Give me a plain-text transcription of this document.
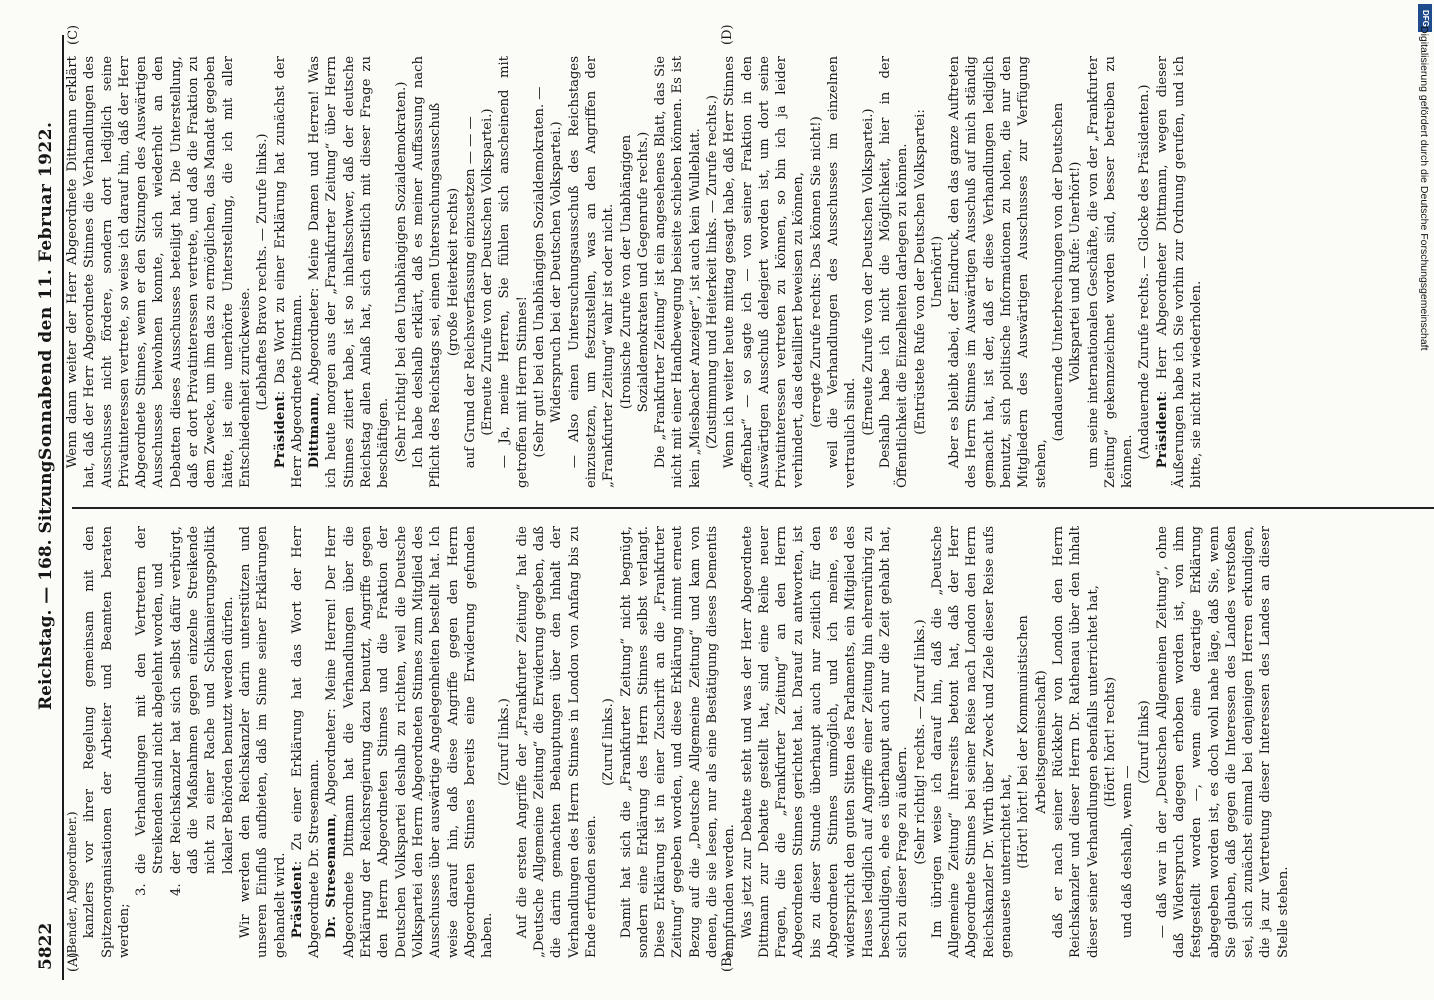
5822
Reichstag. — 168. Sitzung.
Sonnabend den 11. Februar 1922.
(A)	(B)
(C)	(D)

(Bender, Abgeordneter.) kanzlers vor ihrer Regelung gemeinsam mit den Spitzenorganisationen der Arbeiter und Beamten beraten werden;

3.
die Verhandlungen mit den Vertretern der Streikenden sind nicht abgelehnt worden, und
4.
der Reichskanzler hat sich selbst dafür verbürgt, daß die Maßnahmen gegen einzelne Streikende nicht zu einer Rache und Schikanierungspolitik lokaler Behörden benutzt werden dürfen. Wir werden den Reichskanzler darin unterstützen und unseren Einfluß aufbieten, daß im Sinne seiner Erklärungen gehandelt wird. Präsident: Zu einer Erklärung hat das Wort der Herr Abgeordnete Dr. Stresemann. Dr. Stresemann, Abgeordneter: Meine Herren! Der Herr Abgeordnete Dittmann hat die Verhandlungen über die Erklärung der Reichsregierung dazu benutzt, Angriffe gegen den Herrn Abgeordneten Stinnes und die Fraktion der Deutschen Volkspartei deshalb zu richten, weil die Deutsche Volkspartei den Herrn Abgeordneten Stinnes zum Mitglied des Ausschusses über auswärtige Angelegenheiten bestellt hat. Ich weise darauf hin, daß diese Angriffe gegen den Herrn Abgeordneten Stinnes bereits eine Erwiderung gefunden haben.

(Zuruf links.) Auf die ersten Angriffe der „Frankfurter Zeitung“ hat die „Deutsche Allgemeine Zeitung“ die Erwiderung gegeben, daß die darin gemachten Behauptungen über den Inhalt der Verhandlungen des Herrn Stinnes in London von Anfang bis zu Ende erfunden seien.

(Zuruf links.) Damit hat sich die „Frankfurter Zeitung“ nicht begnügt, sondern eine Erklärung des Herrn Stinnes selbst verlangt. Diese Erklärung ist in einer Zuschrift an die „Frankfurter Zeitung“ gegeben worden, und diese Erklärung nimmt erneut Bezug auf die „Deutsche Allgemeine Zeitung“ und kam von denen, die sie lesen, nur als eine Bestätigung dieses Dementis empfunden werden. Was jetzt zur Debatte steht und was der Herr Abgeordnete Dittmann zur Debatte gestellt hat, sind eine Reihe neuer Fragen, die die „Frankfurter Zeitung“ an den Herrn Abgeordneten Stinnes gerichtet hat. Darauf zu antworten, ist bis zu dieser Stunde überhaupt auch nur zeitlich für den Abgeordneten Stinnes unmöglich, und ich meine, es widerspricht den guten Sitten des Parlaments, ein Mitglied des Hauses lediglich auf Angriffe einer Zeitung hin ehrenrührig zu beschuldigen, ehe es überhaupt auch nur die Zeit gehabt hat, sich zu dieser Frage zu äußern. (Sehr richtig! rechts. — Zuruf links.) Im übrigen weise ich darauf hin, daß die „Deutsche Allgemeine Zeitung“ ihrerseits betont hat, daß der Herr Abgeordnete Stinnes bei seiner Reise nach London den Herrn Reichskanzler Dr. Wirth über Zweck und Ziele dieser Reise aufs genaueste unterrichtet hat, (Hört! hört! bei der Kommunistischen Arbeitsgemeinschaft) daß er nach seiner Rückkehr von London den Herrn Reichskanzler und dieser Herrn Dr. Rathenau über den Inhalt dieser seiner Verhandlungen ebenfalls unterrichtet hat, (Hört! hört! rechts)

und daß deshalb, wenn —

(Zuruf links) — daß war in der „Deutschen Allgemeinen Zeitung“, ohne daß Widerspruch dagegen erhoben worden ist, von ihm festgestellt worden —, wenn eine derartige Erklärung abgegeben worden ist, es doch wohl nahe läge, daß Sie, wenn Sie glauben, daß gegen die Interessen des Landes verstoßen sei, sich zunächst einmal bei denjenigen Herren erkundigen, die ja zur Vertretung dieser Interessen des Landes an dieser Stelle stehen.

Wenn dann weiter der Herr Abgeordnete Dittmann erklärt hat, daß der Herr Abgeordnete Stinnes die Verhandlungen des Ausschusses nicht fördere, sondern dort lediglich seine Privatinteressen vertrete, so weise ich darauf hin, daß der Herr Abgeordnete Stinnes, wenn er den Sitzungen des Auswärtigen Ausschusses beiwohnen konnte, sich wiederholt an den Debatten dieses Ausschusses beteiligt hat. Die Unterstellung, daß er dort Privatinteressen vertrete, und daß die Fraktion zu dem Zwecke, um ihm das zu ermöglichen, das Mandat gegeben hätte, ist eine unerhörte Unterstellung, die ich mit aller Entschiedenheit zurückweise. (Lebhaftes Bravo rechts. — Zurufe links.)

Präsident: Das Wort zu einer Erklärung hat zunächst der Herr Abgeordnete Dittmann. Dittmann, Abgeordneter: Meine Damen und Herren! Was ich heute morgen aus der „Frankfurter Zeitung“ über Herrn Stinnes zitiert habe, ist so inhaltsschwer, daß der deutsche Reichstag allen Anlaß hat, sich ernstlich mit dieser Frage zu beschäftigen. (Sehr richtig! bei den Unabhängigen Sozialdemokraten.) Ich habe deshalb erklärt, daß es meiner Auffassung nach Pflicht des Reichstags sei, einen Untersuchungsausschuß (große Heiterkeit rechts) auf Grund der Reichsverfassung einzusetzen — — — (Erneute Zurufe von der Deutschen Volkspartei.) — Ja, meine Herren, Sie fühlen sich anscheinend mit getroffen mit Herrn Stinnes! (Sehr gut! bei den Unabhängigen Sozialdemokraten. — Widerspruch bei der Deutschen Volkspartei.) — Also einen Untersuchungsausschuß des Reichstages einzusetzen, um festzustellen, was an den Angriffen der „Frankfurter Zeitung“ wahr ist oder nicht. (Ironische Zurufe von der Unabhängigen Sozialdemokraten und Gegenrufe rechts.) Die „Frankfurter Zeitung“ ist ein angesehenes Blatt, das Sie nicht mit einer Handbewegung beiseite schieben können. Es ist kein „Miesbacher Anzeiger“, ist auch kein Wulleblatt. (Zustimmung und Heiterkeit links. — Zurufe rechts.) Wenn ich weiter heute mittag gesagt habe, daß Herr Stinnes „offenbar“ — so sagte ich — von seiner Fraktion in den Auswärtigen Ausschuß delegiert worden ist, um dort seine Privatinteressen vertreten zu können, so bin ich ja leider verhindert, das detailliert beweisen zu können, (erregte Zurufe rechts: Das können Sie nicht!) weil die Verhandlungen des Ausschusses im einzelnen vertraulich sind. (Erneute Zurufe von der Deutschen Volkspartei.) Deshalb habe ich nicht die Möglichkeit, hier in der Öffentlichkeit die Einzelheiten darlegen zu können. (Entrüstete Rufe von der Deutschen Volkspartei: Unerhört!) Aber es bleibt dabei, der Eindruck, den das ganze Auftreten des Herrn Stinnes im Auswärtigen Ausschuß auf mich ständig gemacht hat, ist der, daß er diese Verhandlungen lediglich benutzt, sich politische Informationen zu holen, die nur den Mitgliedern des Auswärtigen Ausschusses zur Verfügung stehen,

(andauernde Unterbrechungen von der Deutschen Volkspartei und Rufe: Unerhört!) um seine internationalen Geschäfte, die von der „Frankfurter Zeitung“ gekennzeichnet worden sind, besser betreiben zu können.

(Andauernde Zurufe rechts. — Glocke des Präsidenten.) Präsident: Herr Abgeordneter Dittmann, wegen dieser Äußerungen habe ich Sie vorhin zur Ordnung gerufen, und ich bitte, sie nicht zu wiederholen.

DFG
Digitalisierung gefördert durch die Deutsche Forschungsgemeinschaft
